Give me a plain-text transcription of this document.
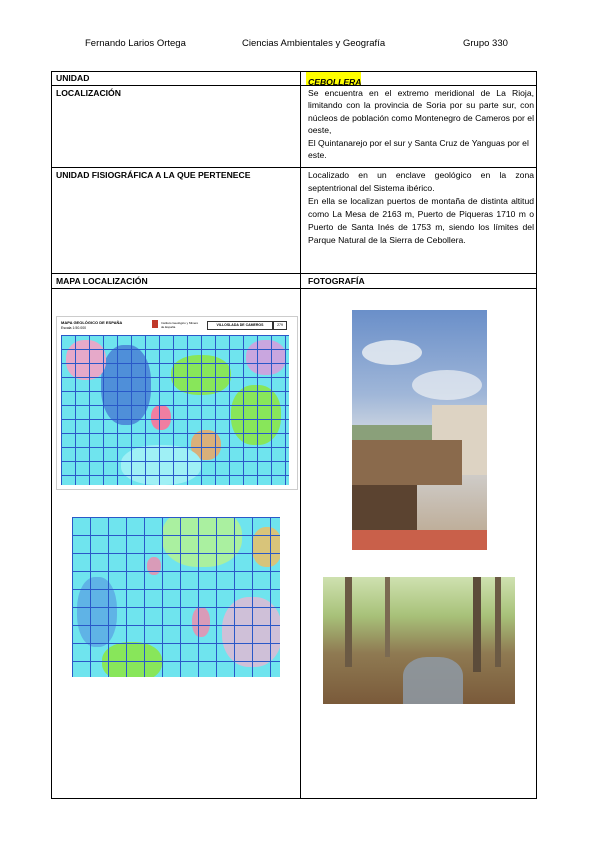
Fernando Larios Ortega	Ciencias Ambientales y Geografía	Grupo 330
UNIDAD	CEBOLLERA
LOCALIZACIÓN	Se encuentra en el extremo meridional de La Rioja, limitando con la provincia de Soria por su parte sur, con núcleos de población como Montenegro de Cameros por el oeste,
El Quintanarejo por el sur y Santa Cruz de Yanguas por el este.
UNIDAD FISIOGRÁFICA A LA QUE PERTENECE	Localizado en un enclave geológico en la zona septentrional del Sistema ibérico.
En ella se localizan puertos de montaña de distinta altitud como La Mesa de 2163 m, Puerto de Piqueras 1710 m o Puerto de Santa Inés de 1753 m, siendo los límites del Parque Natural de la Sierra de Cebollera.
MAPA LOCALIZACIÓN	FOTOGRAFÍA
MAPA GEOLÓGICO DE ESPAÑA
Escala 1:50.000
Instituto Geológico y Minero de España	VILLOSLADA DE CAMEROS	279
